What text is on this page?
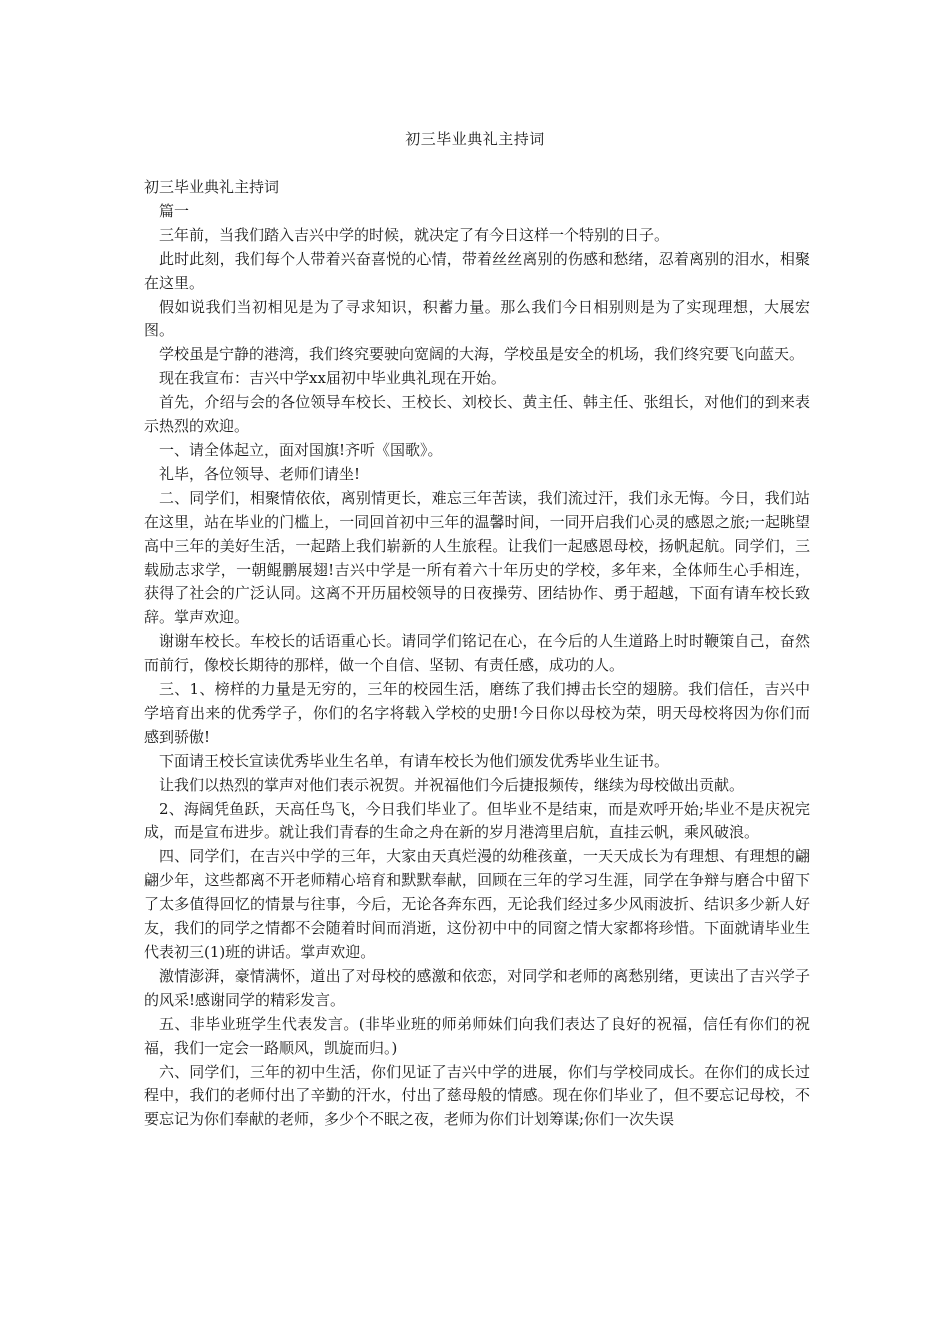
初三毕业典礼主持词

初三毕业典礼主持词

篇一

三年前，当我们踏入吉兴中学的时候，就决定了有今日这样一个特别的日子。

此时此刻，我们每个人带着兴奋喜悦的心情，带着丝丝离别的伤感和愁绪，忍着离别的泪水，相聚在这里。

假如说我们当初相见是为了寻求知识，积蓄力量。那么我们今日相别则是为了实现理想，大展宏图。

学校虽是宁静的港湾，我们终究要驶向宽阔的大海，学校虽是安全的机场，我们终究要飞向蓝天。

现在我宣布：吉兴中学xx届初中毕业典礼现在开始。

首先，介绍与会的各位领导车校长、王校长、刘校长、黄主任、韩主任、张组长，对他们的到来表示热烈的欢迎。

一、请全体起立，面对国旗!齐听《国歌》。

礼毕，各位领导、老师们请坐!

二、同学们，相聚情依依，离别情更长，难忘三年苦读，我们流过汗，我们永无悔。今日，我们站在这里，站在毕业的门槛上，一同回首初中三年的温馨时间，一同开启我们心灵的感恩之旅;一起眺望高中三年的美好生活，一起踏上我们崭新的人生旅程。让我们一起感恩母校，扬帆起航。同学们，三载励志求学，一朝鲲鹏展翅!吉兴中学是一所有着六十年历史的学校，多年来，全体师生心手相连，获得了社会的广泛认同。这离不开历届校领导的日夜操劳、团结协作、勇于超越，下面有请车校长致辞。掌声欢迎。

谢谢车校长。车校长的话语重心长。请同学们铭记在心，在今后的人生道路上时时鞭策自己，奋然而前行，像校长期待的那样，做一个自信、坚韧、有责任感，成功的人。

三、1、榜样的力量是无穷的，三年的校园生活，磨练了我们搏击长空的翅膀。我们信任，吉兴中学培育出来的优秀学子，你们的名字将载入学校的史册!今日你以母校为荣，明天母校将因为你们而感到骄傲!

下面请王校长宣读优秀毕业生名单，有请车校长为他们颁发优秀毕业生证书。

让我们以热烈的掌声对他们表示祝贺。并祝福他们今后捷报频传，继续为母校做出贡献。

2、海阔凭鱼跃，天高任鸟飞，今日我们毕业了。但毕业不是结束，而是欢呼开始;毕业不是庆祝完成，而是宣布进步。就让我们青春的生命之舟在新的岁月港湾里启航，直挂云帆，乘风破浪。

四、同学们，在吉兴中学的三年，大家由天真烂漫的幼稚孩童，一天天成长为有理想、有理想的翩翩少年，这些都离不开老师精心培育和默默奉献，回顾在三年的学习生涯，同学在争辩与磨合中留下了太多值得回忆的情景与往事，今后，无论各奔东西，无论我们经过多少风雨波折、结识多少新人好友，我们的同学之情都不会随着时间而消逝，这份初中中的同窗之情大家都将珍惜。下面就请毕业生代表初三(1)班的讲话。掌声欢迎。

激情澎湃，豪情满怀，道出了对母校的感激和依恋，对同学和老师的离愁别绪，更读出了吉兴学子的风采!感谢同学的精彩发言。

五、非毕业班学生代表发言。(非毕业班的师弟师妹们向我们表达了良好的祝福，信任有你们的祝福，我们一定会一路顺风，凯旋而归。)

六、同学们，三年的初中生活，你们见证了吉兴中学的进展，你们与学校同成长。在你们的成长过程中，我们的老师付出了辛勤的汗水，付出了慈母般的情感。现在你们毕业了，但不要忘记母校，不要忘记为你们奉献的老师，多少个不眠之夜，老师为你们计划筹谋;你们一次失误
